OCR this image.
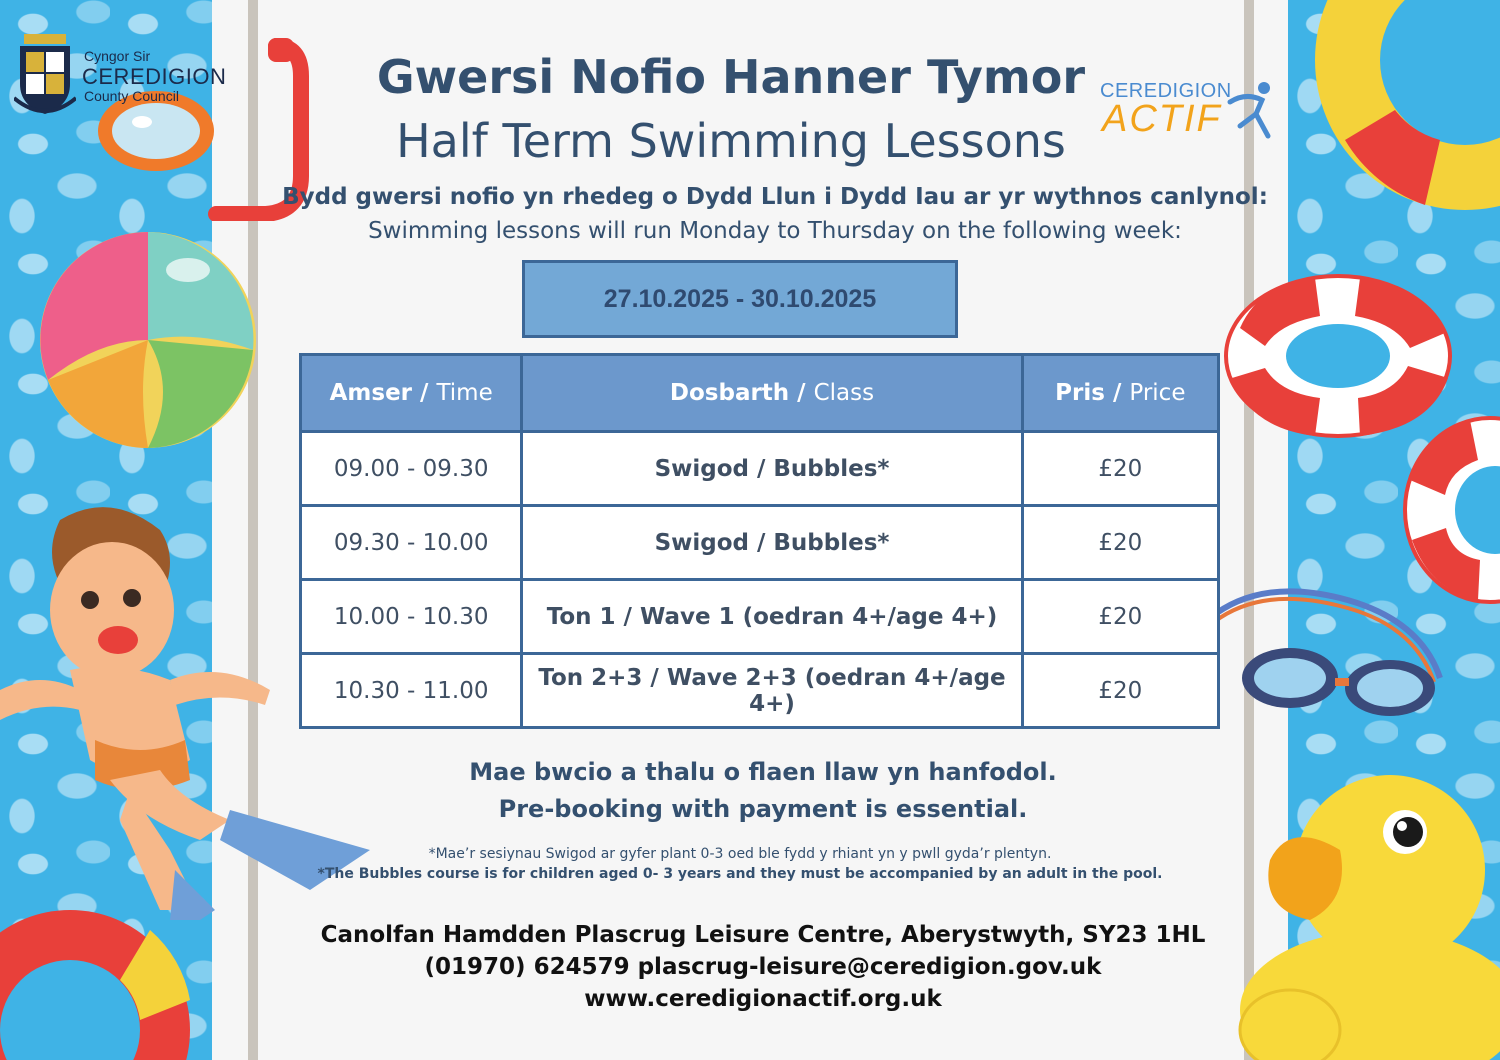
Cyngor Sir
CEREDIGION
County Council	CEREDIGION
ACTIF
Gwersi Nofio Hanner Tymor
Half Term Swimming Lessons
Bydd gwersi nofio yn rhedeg o Dydd Llun i Dydd Iau ar yr wythnos canlynol:
Swimming lessons will run Monday to Thursday on the following week:
27.10.2025 - 30.10.2025
Amser / Time	Dosbarth / Class	Pris / Price
09.00 - 09.30	Swigod / Bubbles*	£20
09.30 - 10.00	Swigod / Bubbles*	£20
10.00 - 10.30	Ton 1 / Wave 1 (oedran 4+/age 4+)	£20
10.30 - 11.00	Ton 2+3 / Wave 2+3 (oedran 4+/age 4+)	£20
Mae bwcio a thalu o flaen llaw yn hanfodol.
Pre-booking with payment is essential.
*Mae’r sesiynau Swigod ar gyfer plant 0-3 oed ble fydd y rhiant yn y pwll gyda’r plentyn.
*The Bubbles course is for children aged 0- 3 years and they must be accompanied by an adult in the pool.
Canolfan Hamdden Plascrug Leisure Centre, Aberystwyth, SY23 1HL
(01970) 624579 plascrug-leisure@ceredigion.gov.uk
www.ceredigionactif.org.uk
